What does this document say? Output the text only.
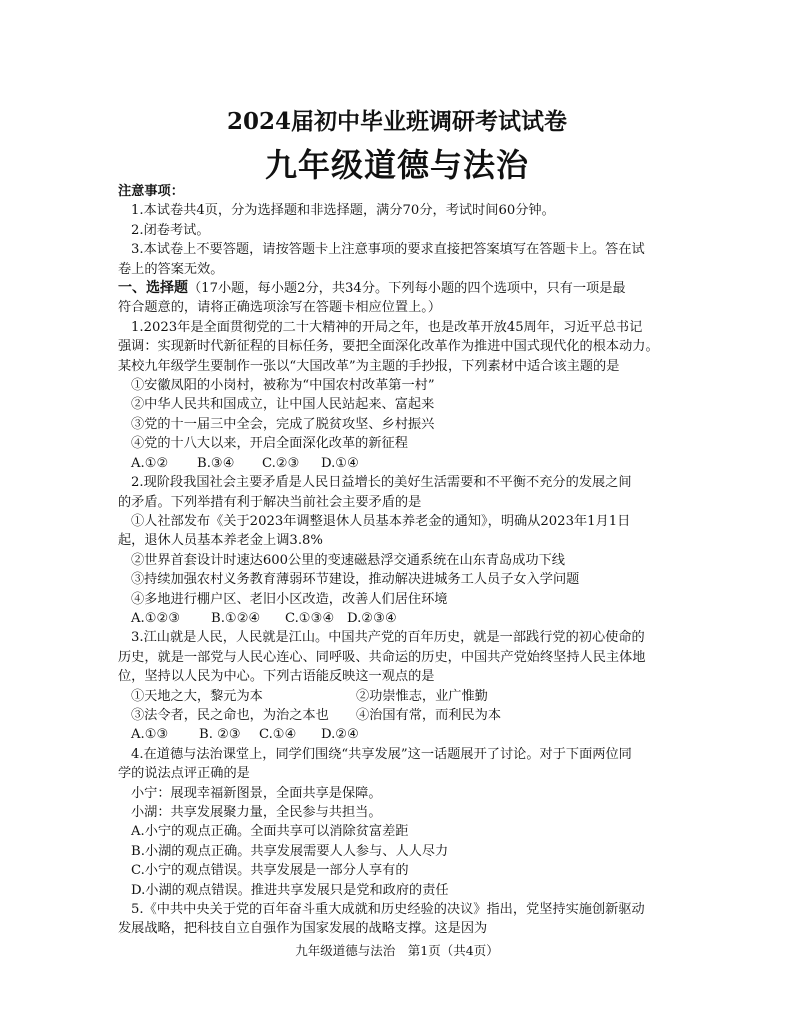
2024届初中毕业班调研考试试卷
九年级道德与法治
注意事项：
1.本试卷共4页，分为选择题和非选择题，满分70分，考试时间60分钟。
2.闭卷考试。
3.本试卷上不要答题，请按答题卡上注意事项的要求直接把答案填写在答题卡上。答在试
卷上的答案无效。
一、选择题（17小题，每小题2分，共34分。下列每小题的四个选项中，只有一项是最
符合题意的，请将正确选项涂写在答题卡相应位置上。）
1.2023年是全面贯彻党的二十大精神的开局之年，也是改革开放45周年，习近平总书记
强调：实现新时代新征程的目标任务，要把全面深化改革作为推进中国式现代化的根本动力。
某校九年级学生要制作一张以“大国改革”为主题的手抄报，下列素材中适合该主题的是
①安徽凤阳的小岗村，被称为“中国农村改革第一村”
②中华人民共和国成立，让中国人民站起来、富起来
③党的十一届三中全会，完成了脱贫攻坚、乡村振兴
④党的十八大以来，开启全面深化改革的新征程
A.①②	B.③④	C.②③	D.①④
2.现阶段我国社会主要矛盾是人民日益增长的美好生活需要和不平衡不充分的发展之间
的矛盾。下列举措有利于解决当前社会主要矛盾的是
①人社部发布《关于2023年调整退休人员基本养老金的通知》，明确从2023年1月1日
起，退休人员基本养老金上调3.8%
②世界首套设计时速达600公里的变速磁悬浮交通系统在山东青岛成功下线
③持续加强农村义务教育薄弱环节建设，推动解决进城务工人员子女入学问题
④多地进行棚户区、老旧小区改造，改善人们居住环境
A.①②③	B.①②④	C.①③④ D.②③④
3.江山就是人民，人民就是江山。中国共产党的百年历史，就是一部践行党的初心使命的
历史，就是一部党与人民心连心、同呼吸、共命运的历史，中国共产党始终坚持人民主体地
位，坚持以人民为中心。下列古语能反映这一观点的是
①天地之大，黎元为本	②功崇惟志，业广惟勤
③法令者，民之命也，为治之本也	④治国有常，而利民为本
A.①③	B. ②③	C.①④	D.②④
4.在道德与法治课堂上，同学们围绕“共享发展”这一话题展开了讨论。对于下面两位同
学的说法点评正确的是
小宁：展现幸福新图景，全面共享是保障。
小湖：共享发展聚力量，全民参与共担当。
A.小宁的观点正确。全面共享可以消除贫富差距
B.小湖的观点正确。共享发展需要人人参与、人人尽力
C.小宁的观点错误。共享发展是一部分人享有的
D.小湖的观点错误。推进共享发展只是党和政府的责任
5.《中共中央关于党的百年奋斗重大成就和历史经验的决议》指出，党坚持实施创新驱动
发展战略，把科技自立自强作为国家发展的战略支撑。这是因为
九年级道德与法治　第1页（共4页）
